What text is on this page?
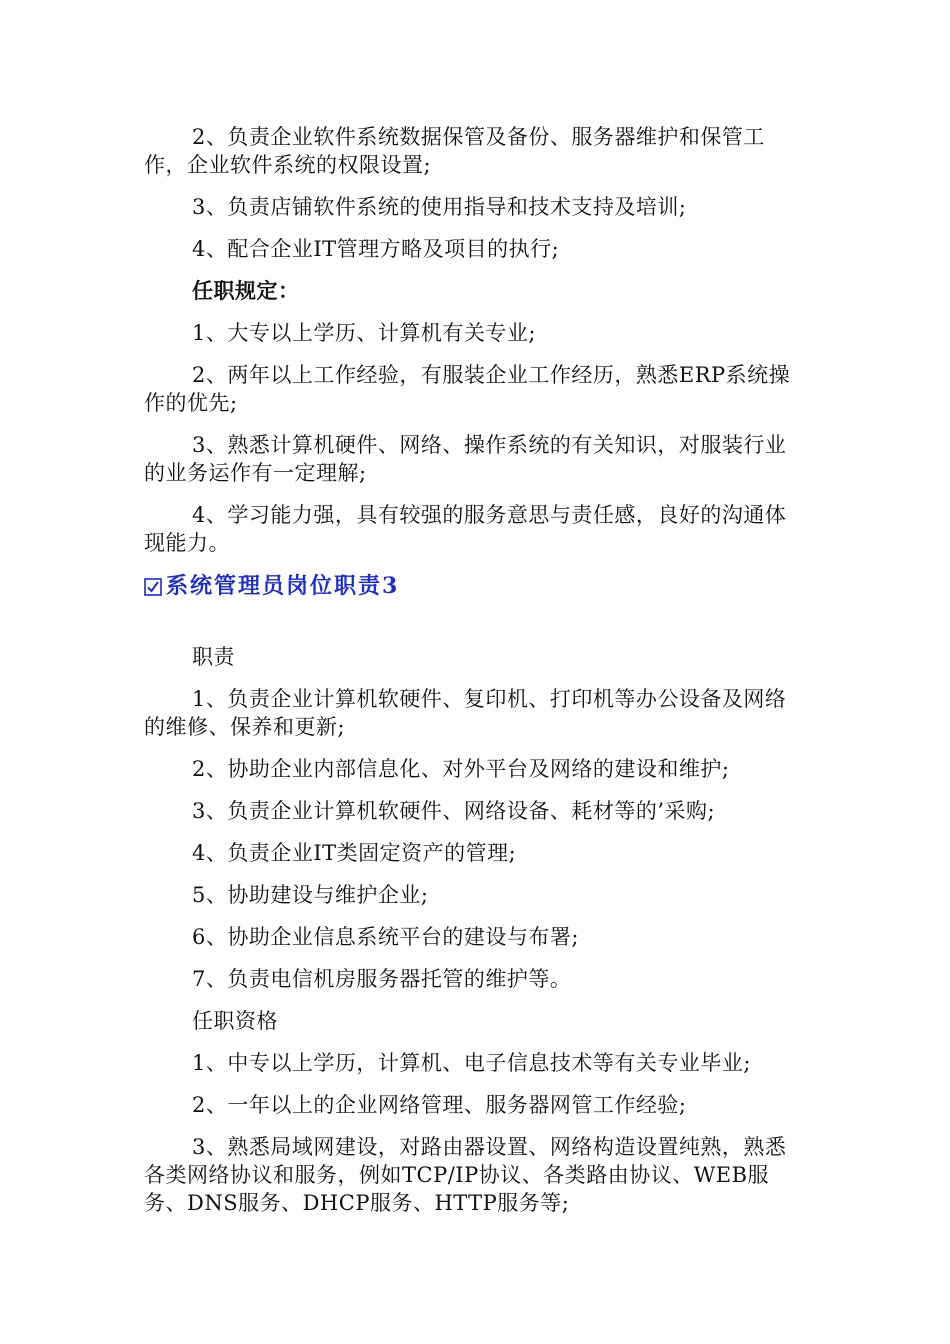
2、负责企业软件系统数据保管及备份、服务器维护和保管工作，企业软件系统的权限设置;

3、负责店铺软件系统的使用指导和技术支持及培训;

4、配合企业IT管理方略及项目的执行;

任职规定：

1、大专以上学历、计算机有关专业;

2、两年以上工作经验，有服装企业工作经历，熟悉ERP系统操作的优先;

3、熟悉计算机硬件、网络、操作系统的有关知识，对服装行业的业务运作有一定理解;

4、学习能力强，具有较强的服务意思与责任感，良好的沟通体现能力。

系统管理员岗位职责3

职责

1、负责企业计算机软硬件、复印机、打印机等办公设备及网络的维修、保养和更新;

2、协助企业内部信息化、对外平台及网络的建设和维护;

3、负责企业计算机软硬件、网络设备、耗材等的’采购;

4、负责企业IT类固定资产的管理;

5、协助建设与维护企业;

6、协助企业信息系统平台的建设与布署;

7、负责电信机房服务器托管的维护等。

任职资格

1、中专以上学历，计算机、电子信息技术等有关专业毕业;

2、一年以上的企业网络管理、服务器网管工作经验;

3、熟悉局域网建设，对路由器设置、网络构造设置纯熟，熟悉各类网络协议和服务，例如TCP/IP协议、各类路由协议、WEB服务、DNS服务、DHCP服务、HTTP服务等;
